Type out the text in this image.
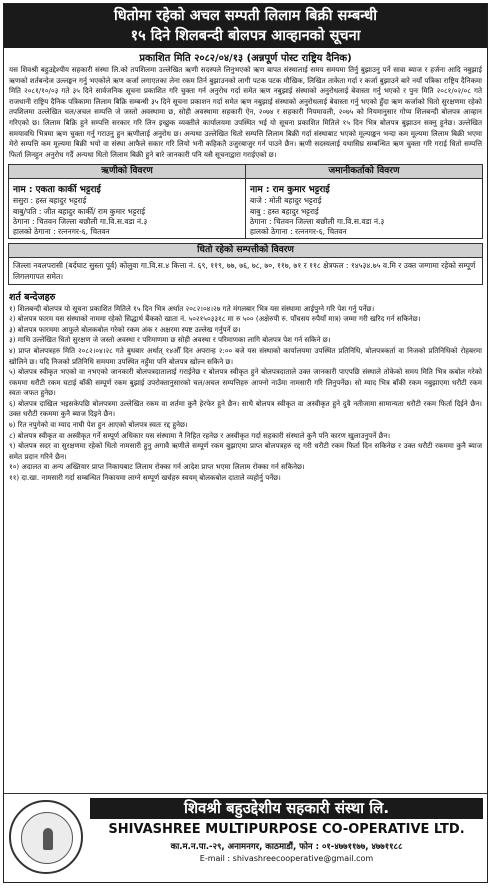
धितोमा रहेको अचल सम्पती लिलाम बिक्री सम्बन्धी
१५ दिने शिलबन्दी बोलपत्र आव्हानको सूचना
प्रकाशित मिति २०८२/०४/१३ (अन्नपूर्ण पोस्ट राष्ट्रिय दैनिक)

यस शिवश्री बहुउद्देश्यीय सहकारी संस्था लि.को तपशिलमा उल्लेखित ऋणी सदस्यले लिनुभएको ऋण बापत संस्थालाई समय समयमा तिर्नु बुझाउनु पर्ने सावा ब्याज र हर्जना आदि नबुझाई ऋणको शर्तबन्देज उल्लङ्घन गर्नु भएकोले ऋण कर्जा लगाएतका लेना रकम तिर्न बुझाउनको लागी पटक पटक मौखिक, लिखित ताकेता गर्दा र कर्जा बुझाउने बारे नयाँ पत्रिका राष्ट्रिय दैनिकमा मिति २०८१/१०/०३ गते ३५ दिने सार्वजनिक सूचना प्रकाशित गरि चुक्ता गर्न अनुरोध गर्दा समेत ऋण नबुझाई संस्थाको अनुरोधलाई बेवास्ता गर्नु भएको र पुनः मिति २०८१/०२/०८ गते राजधानी राष्ट्रिय दैनिक पत्रिकामा लिलाम बिक्रि सम्बन्धी ३५ दिने सूचना प्रकाशन गर्दा समेत ऋण नबुझाई संस्थाको अनुरोधलाई बेवास्ता गर्नु भएको हुँदा ऋण कर्जाको धितो सुरक्षणमा रहेको तपशिलमा उल्लेखित चल/अचल सम्पत्ति जे जस्तो अवस्थामा छ, सोही अवस्थामा सहकारी ऐन, २०७४ र सहकारी नियमावली, २०७५ को नियमानुसार गोप्य शिलबन्दी बोलपत्र आव्हान गरिएको छ। लिलाम बिक्रि हुने सम्पत्ति सरकार गरि लिन इच्छुक व्यक्तीले कार्यालयमा उपस्थित भई यो सूचना प्रकाशित मितिले १५ दिन भित्र बोलपत्र बुझाउन सक्नु हुनेछ। उल्लेखित समयावधि भित्रमा ऋण चुक्ता गर्नु गराउनु हुन ऋणीलाई अनुरोध छ। अन्यथा उल्लेखित धितो सम्पत्ति लिलाम बिक्री गर्दा संस्थाबाट भएको मूल्याङ्कन भन्दा कम मूल्यमा लिलाम बिक्री भएमा मेरो सम्पत्ति कम मूल्यमा बिक्री भयो वा संस्था आफैले सकार गरि लियो भनी कहिकतै उजुरबाजुर गर्न पाउने छैन। ऋणी सदस्यलाई यथासिघ्र सम्बन्धित ऋण चुक्ता गरि गराई धितो सम्पत्ति फिर्ता लिनहुन अनुरोध गर्दै अन्यथा धितो लिलाम बिक्री हुने बारे जानकारी पनि यसै सूचनाद्वारा गराईएको छ।

ऋणीको विवरण
नाम : एकता कार्की भट्टराई
ससुरा : हस्त बहादुर भट्टराई
बाबु/पति : जीत बहादुर कार्की/ राम कुमार भट्टराई
ठेगाना : चितवन जिल्ला बछौली गा.वि.स.वडा नं.३
हालको ठेगाना : रत्ननगर-६, चितवन
जमानीकर्ताको विवरण
नाम : राम कुमार भट्टराई
बाजे : मोती बहादुर भट्टराई
बाबु : हस्त बहादुर भट्टराई
ठेगाना : चितवन जिल्ला बछौली गा.वि.स.वडा नं.३
हालको ठेगाना : रत्ननगर-६, चितवन
धितो रहेको सम्पत्तीको विवरण
जिल्ला नवलपरासी (बर्दघाट सुस्ता पूर्व) कोलुवा गा.वि.स.४ कित्ता नं. ६९, ११९, ७७, ७६, ७८, ७०, ११७, ७१ र ११८ क्षेत्रफल : १४५३४.७५ व.मि र उक्त जग्गामा रहेको सम्पूर्ण लिगलगापत समेत।
शर्त बन्देजहरु
१) शिलबन्दी बोलपत्र यो सूचना प्रकाशित मितिले १५ दिन भित्र अर्थात २०८२।०४।२७ गते मंगलबार भित्र यस संस्थामा आईपुग्ने गरि पेश गर्नु पर्नेछ।
२) बोलपत्र फारम यस संस्थाको नाममा रहेको सिद्धार्थ बैंकको खाता नं. ५०२१५०३३१८ मा रु ५०० (अक्षेरुपी रु. पाँचसय रुपैयाँ मात्र) जम्मा गरी खरिद गर्न सकिनेछ।
३) बोलपत्र फारममा आफुले बोलकबोल गरेको रकम अंक र अक्षरमा स्पष्ट उल्लेख गर्नुपर्ने छ।
३) माथि उल्लेखित धितो सुरक्षण जे जस्तो अवस्था र परिमाणमा छ सोही अवस्था र परिमाणका लागि बोलपत्र पेश गर्न सकिने छ।
४) प्राप्त बोलपत्रहरु मिति २०८२।०४।२८ गते बुधबार अर्थात् १४औँ दिन अपरान्ह २:०० बजे यस संस्थाको कार्यालयमा उपस्थित प्रतिनिधि, बोलपत्रकर्ता वा निजको प्रतिनिधिको रोहबरमा खोलिने छ। यदि निजको प्रतिनिधि समयमा उपस्थित नहुँमा पनि बोलपत्र खोल्न सकिने छ।
५) बोलपत्र स्वीकृत भएको वा नभएको जानकारी बोलपत्रदातालाई गराईनेछ र बोलपत्र स्वीकृत हुने बोलपत्रदाताले उक्त जानकारी पाएपछि संस्थाले तोकेको समय मिति भित्र कबोल गरेको रकममा धरौटी रकम घटाई बाँकी सम्पूर्ण रकम बुझाई उपरोक्तानुसारको चल/अचल सम्पत्तिहरु आफ्नो नाउँमा नामसारी गरि लिनुपर्नेछ। सो म्याद भित्र बाँकी रकम नबुझाएमा धरौटी रकम स्वतः जफत हुनेछ।
६) बोलपत्र दाखिल भइसकेपछि बोलपत्रमा उल्लेखित रकम वा शर्तमा कुनै हेरफेर हुने छैन। साथै बोलपत्र स्वीकृत वा अस्वीकृत हुने दुवै नतीजामा सामान्यता धरौटी रकम फिर्ता दिईने छैन। उक्त धरौटी रकममा कुनै ब्याज दिइने छैन।
७) रित नपुगेको वा म्याद नाघी पेश हुन आएको बोलपत्र स्वतः रद्द हुनेछ।
८) बोलपत्र स्वीकृत वा अस्वीकृत गर्ने सम्पूर्ण अधिकार यस संस्थामा नै निहित रहनेछ र अस्वीकृत गर्दा सहकारी संस्थाले कुनै पनि कारण खुलाउनुपर्ने छैन।
९) बोलपत्र सदर वा सुरक्षणमा रहेको धितो नामसारी हुनु अगावै ऋणीले सम्पूर्ण रकम बुझाएमा प्राप्त बोलपत्रहरु रद्द गरी धरौटी रकम फिर्ता दिन सकिनेछ र उक्त धरौटी रकममा कुनै ब्याज समेत प्रदान गरिने छैन।
१०) अदालत वा अन्य अख्तियार प्राप्त निकायबाट लिलाम रोक्का गर्न आदेश प्राप्त भएमा लिलाम रोक्का गर्न सकिनेछ।
११) दा.खा. नामसारी गर्दा सम्बन्धित निकायमा लाग्ने सम्पूर्ण खर्चहरु स्वयम् बोलकबोल दाताले व्यहोर्नु पर्नेछ।
शिवश्री बहुउद्देशीय सहकारी संस्था लि.
SHIVASHREE MULTIPURPOSE CO-OPERATIVE LTD.
का.म.न.पा.-२९, अनामनगर, काठमाडौं, फोन : ०१-४७७११७७, ४७७११८८
E-mail : shivashreecooperative@gmail.com
